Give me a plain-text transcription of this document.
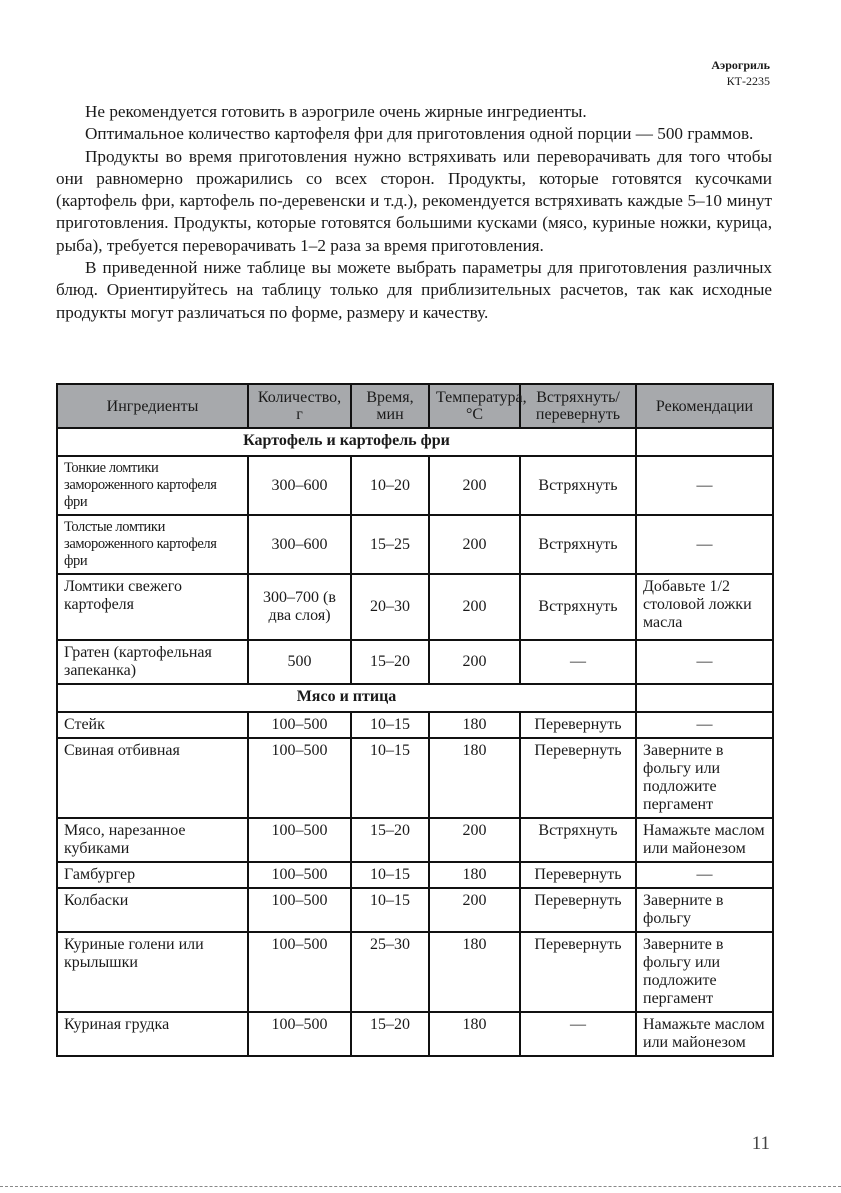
Аэрогриль
КТ-2235

Не рекомендуется готовить в аэрогриле очень жирные ингредиенты.

Оптимальное количество картофеля фри для приготовления одной порции — 500 граммов.

Продукты во время приготовления нужно встряхивать или переворачивать для того чтобы они равномерно прожарились со всех сторон. Продукты, которые готовятся кусочками (картофель фри, картофель по-деревенски и т.д.), рекомендуется встряхивать каждые 5–10 минут приготовления. Продукты, которые готовятся большими кусками (мясо, куриные ножки, курица, рыба), требуется переворачивать 1–2 раза за время приготовления.

В приведенной ниже таблице вы можете выбрать параметры для приготовления различных блюд. Ориентируйтесь на таблицу только для приблизительных расчетов, так как исходные продукты могут различаться по форме, размеру и качеству.

Ингредиенты	Количество, г	Время, мин	Температура,°C	Встряхнуть/ перевернуть	Рекомендации
Картофель и картофель фри					
Тонкие ломтики замороженного картофеля фри	300–600	10–20	200	Встряхнуть	—
Толстые ломтики замороженного картофеля фри	300–600	15–25	200	Встряхнуть	—
Ломтики свежего картофеля	300–700 (в два слоя)	20–30	200	Встряхнуть	Добавьте 1/2 столовой ложки масла
Гратен (картофельная запеканка)	500	15–20	200	—	—
Мясо и птица					
Стейк	100–500	10–15	180	Перевернуть	—
Свиная отбивная	100–500	10–15	180	Перевернуть	Заверните в фольгу или подложите пергамент
Мясо, нарезанное кубиками	100–500	15–20	200	Встряхнуть	Намажьте маслом или майонезом
Гамбургер	100–500	10–15	180	Перевернуть	—
Колбаски	100–500	10–15	200	Перевернуть	Заверните в фольгу
Куриные голени или крылышки	100–500	25–30	180	Перевернуть	Заверните в фольгу или подложите пергамент
Куриная грудка	100–500	15–20	180	—	Намажьте маслом или майонезом
11
